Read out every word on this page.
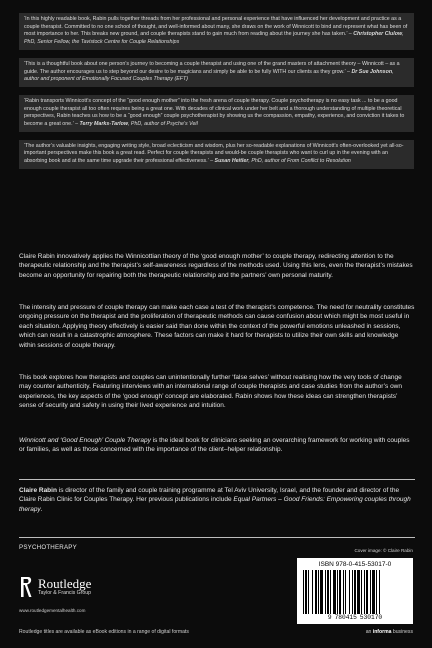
‘In this highly readable book, Rabin pulls together threads from her professional and personal experience that have influenced her development and practice as a couple therapist. Committed to no one school of thought, and well-informed about many, she draws on the work of Winnicott to bind and represent what has been of most importance to her. This breaks new ground, and couple therapists stand to gain much from reading about the journey she has taken.’ – Christopher Clulow, PhD, Senior Fellow, the Tavistock Centre for Couple Relationships
‘This is a thoughtful book about one person’s journey to becoming a couple therapist and using one of the grand masters of attachment theory – Winnicott – as a guide. The author encourages us to step beyond our desire to be magicians and simply be able to be fully WITH our clients as they grow.’ – Dr Sue Johnson, author and proponent of Emotionally Focused Couples Therapy (EFT)
‘Rabin transports Winnicott’s concept of the “good enough mother” into the fresh arena of couple therapy. Couple psychotherapy is no easy task ... to be a good enough couple therapist all too often requires being a great one. With decades of clinical work under her belt and a thorough understanding of multiple theoretical perspectives, Rabin teaches us how to be a “good enough” couple psychotherapist by showing us the compassion, empathy, experience, and conviction it takes to become a great one.’ – Terry Marks-Tarlow, PhD, author of Psyche’s Veil
‘The author’s valuable insights, engaging writing style, broad eclecticism and wisdom, plus her so-readable explanations of Winnicott’s often-overlooked yet all-so-important perspectives make this book a great read. Perfect for couple therapists and would-be couple therapists who want to curl up in the evening with an absorbing book and at the same time upgrade their professional effectiveness.’ – Susan Heitler, PhD, author of From Conflict to Resolution

Claire Rabin innovatively applies the Winnicottian theory of the ‘good enough mother’ to couple therapy, redirecting attention to the therapeutic relationship and the therapist’s self-awareness regardless of the methods used. Using this lens, even the therapist’s mistakes become an opportunity for repairing both the therapeutic relationship and the partners’ own personal maturity.

The intensity and pressure of couple therapy can make each case a test of the therapist’s competence. The need for neutrality constitutes ongoing pressure on the therapist and the proliferation of therapeutic methods can cause confusion about which might be most useful in each situation. Applying theory effectively is easier said than done within the context of the powerful emotions unleashed in sessions, which can result in a catastrophic atmosphere. These factors can make it hard for therapists to utilize their own skills and knowledge within sessions of couple therapy.

This book explores how therapists and couples can unintentionally further ‘false selves’ without realising how the very tools of change may counter authenticity. Featuring interviews with an international range of couple therapists and case studies from the author’s own experiences, the key aspects of the ‘good enough’ concept are elaborated. Rabin shows how these ideas can strengthen therapists’ sense of security and safety in using their lived experience and intuition.

Winnicott and ‘Good Enough’ Couple Therapy is the ideal book for clinicians seeking an overarching framework for working with couples or families, as well as those concerned with the importance of the client–helper relationship.

Claire Rabin is director of the family and couple training programme at Tel Aviv University, Israel, and the founder and director of the Claire Rabin Clinic for Couples Therapy. Her previous publications include Equal Partners – Good Friends: Empowering couples through therapy.
PSYCHOTHERAPY	Cover image: © Claire Rabin
Routledge
Taylor & Francis Group
www.routledgementalhealth.com
Routledge titles are available as eBook editions in a range of digital formats
ISBN 978-0-415-53017-0
9 780415 530170
an informa business
